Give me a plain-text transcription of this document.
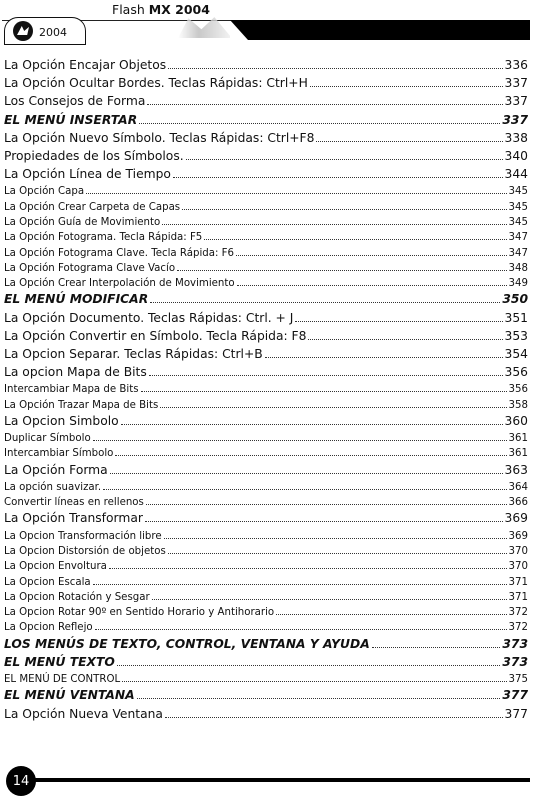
Flash MX 2004
2004
La Opción Encajar Objetos	336
La Opción Ocultar Bordes. Teclas Rápidas: Ctrl+H	337
Los Consejos de Forma	337
EL MENÚ INSERTAR	337
La Opción Nuevo Símbolo. Teclas Rápidas: Ctrl+F8	338
Propiedades de los Símbolos.	340
La Opción Línea de Tiempo	344
La Opción Capa	345
La Opción Crear Carpeta de Capas	345
La Opción Guía de Movimiento	345
La Opción Fotograma. Tecla Rápida: F5	347
La Opción Fotograma Clave. Tecla Rápida: F6	347
La Opción Fotograma Clave Vacío	348
La Opción Crear Interpolación de Movimiento	349
EL MENÚ MODIFICAR	350
La Opción Documento. Teclas Rápidas: Ctrl. + J	351
La Opción Convertir en Símbolo. Tecla Rápida: F8	353
La Opcion Separar. Teclas Rápidas: Ctrl+B	354
La opcion Mapa de Bits	356
Intercambiar Mapa de Bits	356
La Opción Trazar Mapa de Bits	358
La Opcion Simbolo	360
Duplicar Símbolo	361
Intercambiar Símbolo	361
La Opción Forma	363
La opción suavizar.	364
Convertir líneas en rellenos	366
La Opción Transformar	369
La Opcion Transformación libre	369
La Opcion Distorsión de objetos	370
La Opcion Envoltura	370
La Opcion Escala	371
La Opcion Rotación y Sesgar	371
La Opcion Rotar 90º en Sentido Horario y Antihorario	372
La Opcion Reflejo	372
LOS MENÚS DE TEXTO, CONTROL, VENTANA Y AYUDA	373
EL MENÚ TEXTO	373
EL MENÚ DE CONTROL	375
EL MENÚ VENTANA	377
La Opción Nueva Ventana	377
14
